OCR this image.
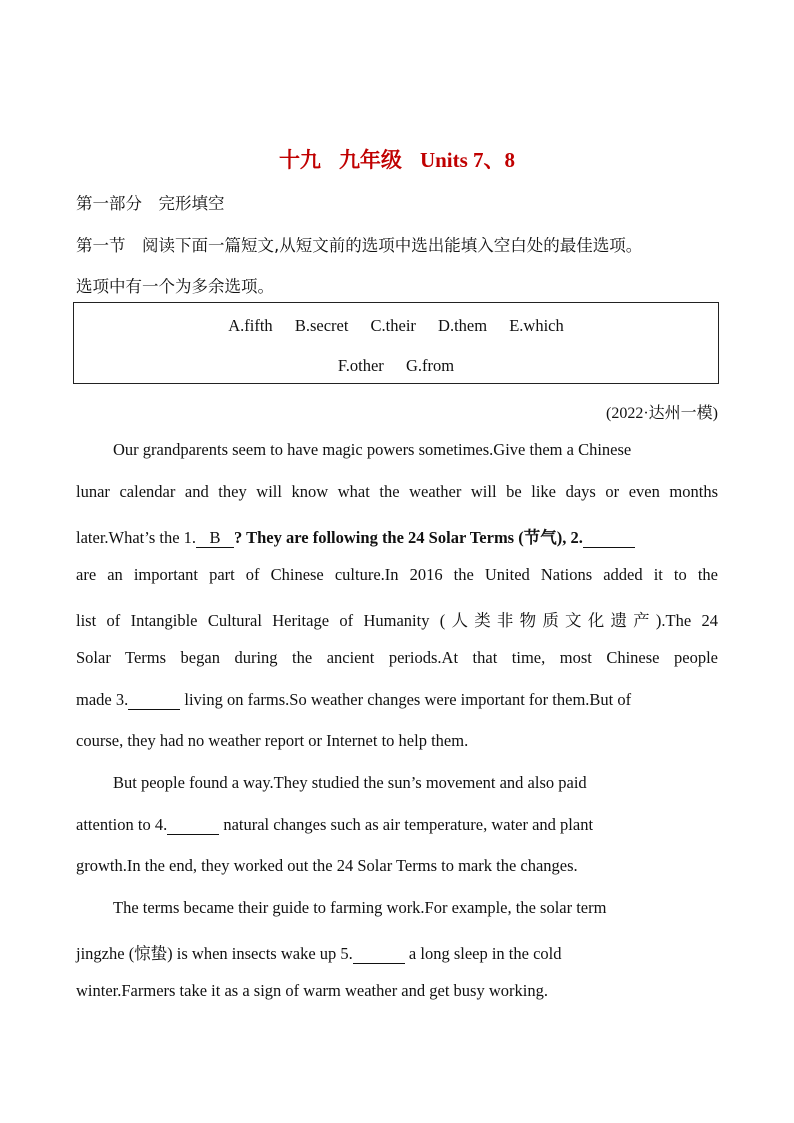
十九 九年级 Units 7、8
第一部分　完形填空
第一节　阅读下面一篇短文,从短文前的选项中选出能填入空白处的最佳选项。
选项中有一个为多余选项。
A.fifth B.secret C.their D.them E.which
F.other G.from
(2022·达州一模)
Our grandparents seem to have magic powers sometimes.Give them a Chinese
lunar calendar and they will know what the weather will be like days or even months
later.What’s the 1. B ? They are following the 24 Solar Terms (节气), 2.
are an important part of Chinese culture.In 2016 the United Nations added it to the
list of Intangible Cultural Heritage of Humanity (人类非物质文化遗产).The 24
Solar Terms began during the ancient periods.At that time, most Chinese people
made 3.	living on farms.So weather changes were important for them.But of
course, they had no weather report or Internet to help them.
But people found a way.They studied the sun’s movement and also paid
attention to 4.	natural changes such as air temperature, water and plant
growth.In the end, they worked out the 24 Solar Terms to mark the changes.
The terms became their guide to farming work.For example, the solar term
jingzhe (惊蛰) is when insects wake up 5.	a long sleep in the cold
winter.Farmers take it as a sign of warm weather and get busy working.
